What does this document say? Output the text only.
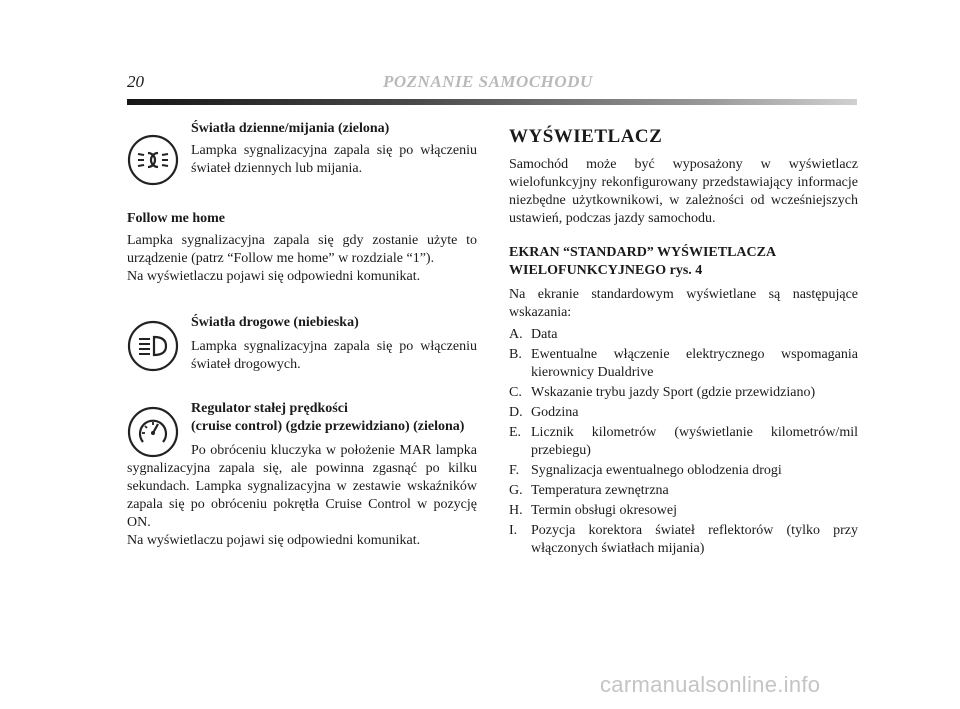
20	POZNANIE SAMOCHODU

Światła dzienne/mijania (zielona)

Lampka sygnalizacyjna zapala się po włączeniu świateł dziennych lub mijania.

Follow me home

Lampka sygnalizacyjna zapala się gdy zostanie użyte to urządzenie (patrz “Follow me home” w rozdziale “1”).

Na wyświetlaczu pojawi się odpowiedni komunikat.

Światła drogowe (niebieska)

Lampka sygnalizacyjna zapala się po włączeniu świateł drogowych.

Regulator stałej prędkości

(cruise control) (gdzie przewidziano) (zielona)

Po obróceniu kluczyka w położenie MAR lampka sygnalizacyjna zapala się, ale powinna zgasnąć po kilku sekundach. Lampka sygnalizacyjna w zestawie wskaźników zapala się po obróceniu pokrętła Cruise Control w pozycję ON.

Na wyświetlaczu pojawi się odpowiedni komunikat.

WYŚWIETLACZ

Samochód może być wyposażony w wyświetlacz wielofunkcyjny rekonfigurowany przedstawiający informacje niezbędne użytkownikowi, w zależności od wcześniejszych ustawień, podczas jazdy samochodu.

EKRAN “STANDARD” WYŚWIETLACZA

WIELOFUNKCYJNEGO rys. 4

Na ekranie standardowym wyświetlane są następujące wskazania:

A. Data
B. Ewentualne włączenie elektrycznego wspomagania kierownicy Dualdrive
C. Wskazanie trybu jazdy Sport (gdzie przewidziano)
D. Godzina
E. Licznik kilometrów (wyświetlanie kilometrów/mil przebiegu)
F. Sygnalizacja ewentualnego oblodzenia drogi
G. Temperatura zewnętrzna
H. Termin obsługi okresowej
I. Pozycja korektora świateł reflektorów (tylko przy włączonych światłach mijania)
carmanualsonline.info
